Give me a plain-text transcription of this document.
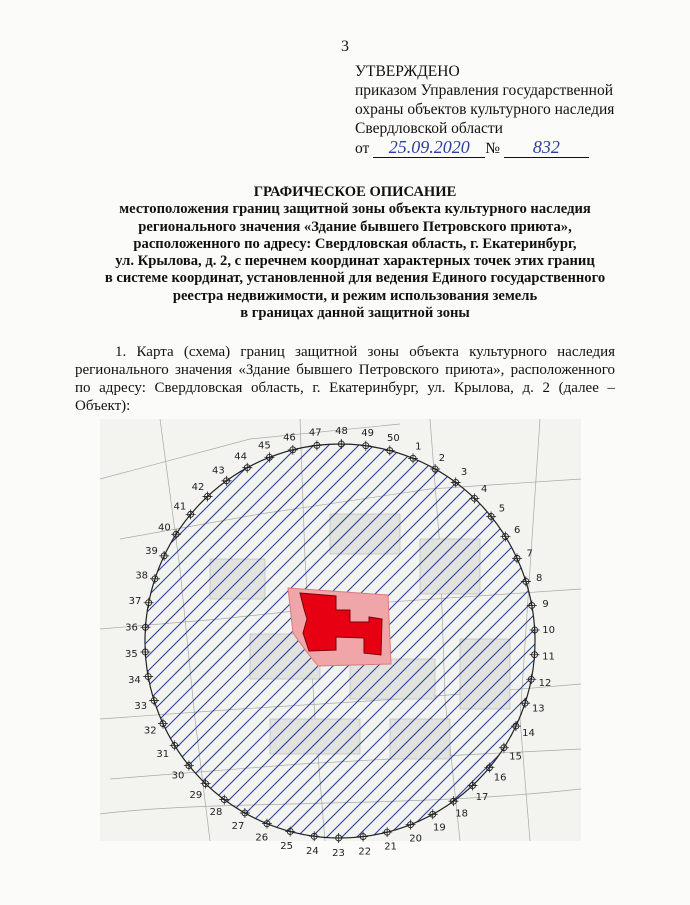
3
УТВЕРЖДЕНО
приказом Управления государственной
охраны объектов культурного наследия
Свердловской области
от 25.09.2020 № 832
ГРАФИЧЕСКОЕ ОПИСАНИЕ
местоположения границ защитной зоны объекта культурного наследия
регионального значения «Здание бывшего Петровского приюта»,
расположенного по адресу: Свердловская область, г. Екатеринбург,
ул. Крылова, д. 2, с перечнем координат характерных точек этих границ
в системе координат, установленной для ведения Единого государственного
реестра недвижимости, и режим использования земель
в границах данной защитной зоны
1. Карта (схема) границ защитной зоны объекта культурного наследия регионального значения «Здание бывшего Петровского приюта», расположенного по адресу: Свердловская область, г. Екатеринбург, ул. Крылова, д. 2 (далее – Объект):
1
2
3
4
5
6
7
8
9
10
11
12
13
14
15
16
17
18
19
20
21
22
23
24
25
26
27
28
29
30
31
32
33
34
35
36
37
38
39
40
41
42
43
44
45
46 47 48 49 50
